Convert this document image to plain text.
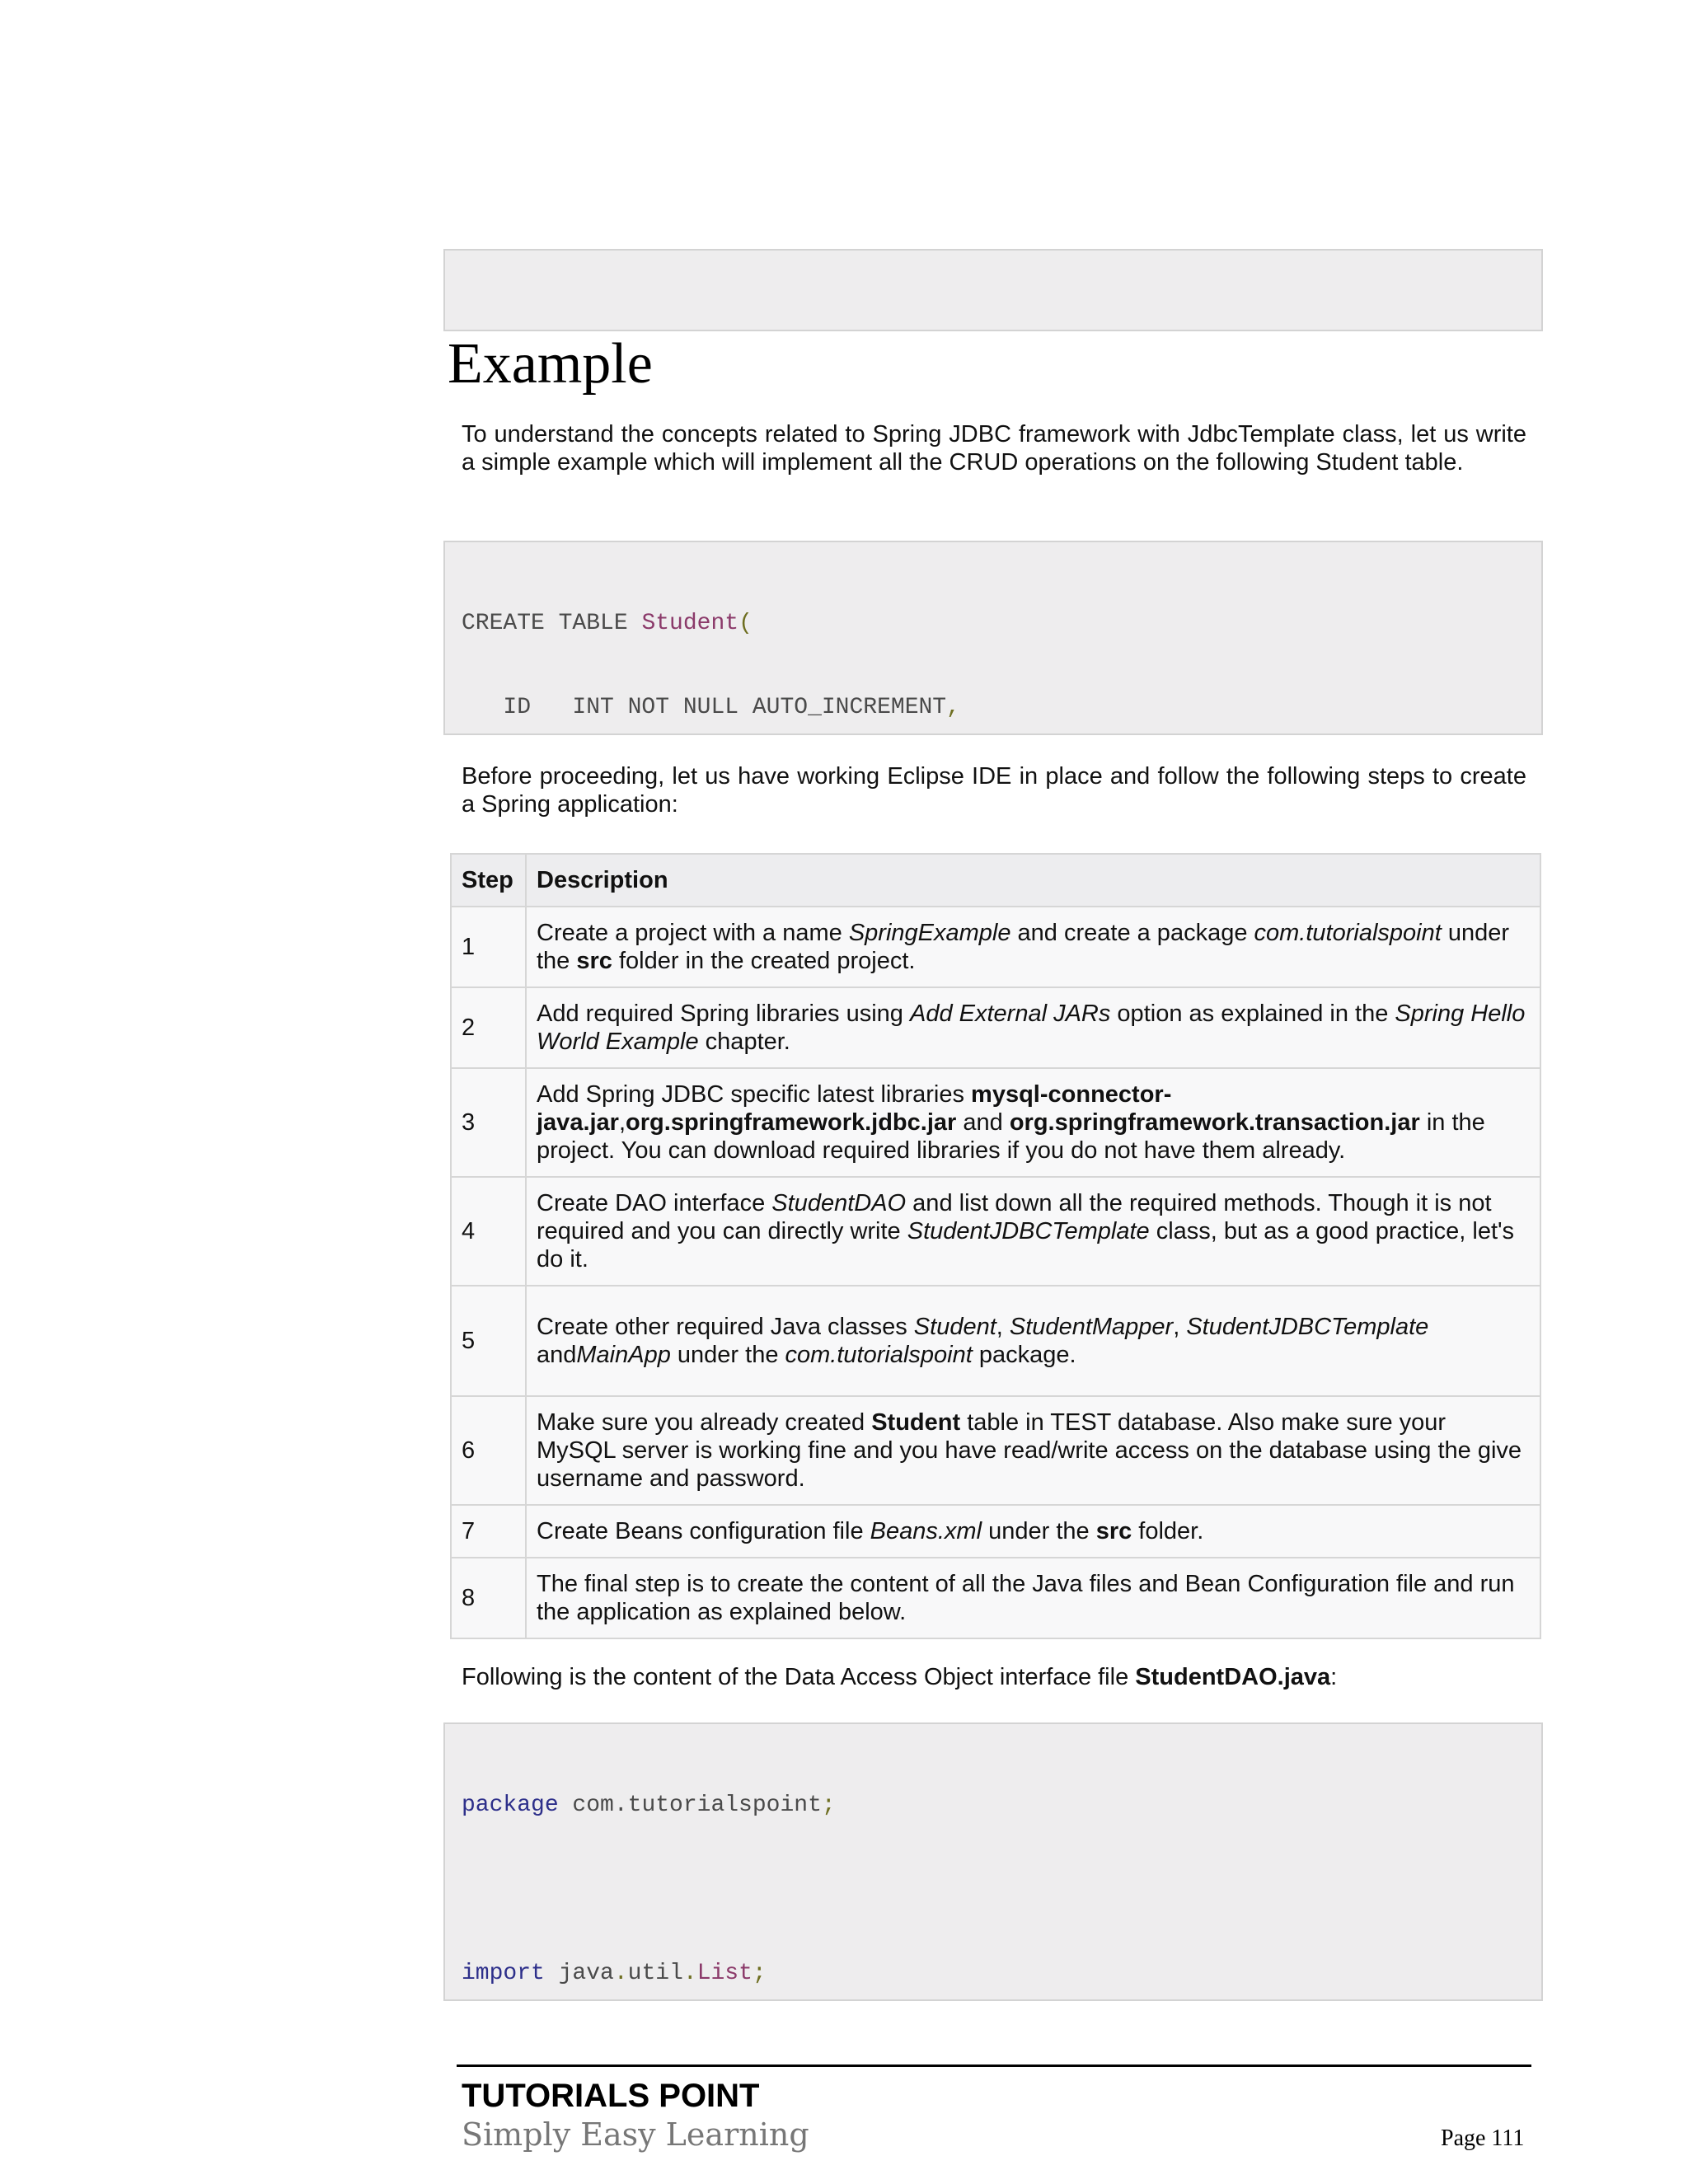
Example
To understand the concepts related to Spring JDBC framework with JdbcTemplate class, let us write a simple example which will implement all the CRUD operations on the following Student table.

CREATE TABLE Student(

ID   INT NOT NULL AUTO_INCREMENT,

Before proceeding, let us have working Eclipse IDE in place and follow the following steps to create a Spring application:
Step	Description
1	Create a project with a name SpringExample and create a package com.tutorialspoint under the src folder in the created project.
2	Add required Spring libraries using Add External JARs option as explained in the Spring Hello World Example chapter.
3	Add Spring JDBC specific latest libraries mysql-connector-java.jar,org.springframework.jdbc.jar and org.springframework.transaction.jar in the project. You can download required libraries if you do not have them already.
4	Create DAO interface StudentDAO and list down all the required methods. Though it is not required and you can directly write StudentJDBCTemplate class, but as a good practice, let's do it.
5	Create other required Java classes Student, StudentMapper, StudentJDBCTemplate andMainApp under the com.tutorialspoint package.
6	Make sure you already created Student table in TEST database. Also make sure your MySQL server is working fine and you have read/write access on the database using the give username and password.
7	Create Beans configuration file Beans.xml under the src folder.
8	The final step is to create the content of all the Java files and Bean Configuration file and run the application as explained below.
Following is the content of the Data Access Object interface file StudentDAO.java:

package com.tutorialspoint;

import java.util.List;

TUTORIALS POINT
Simply Easy Learning	Page 111
